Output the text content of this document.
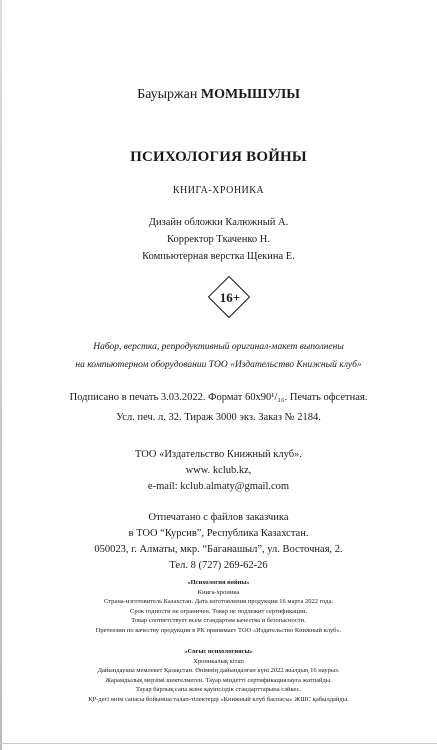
Бауыржан МОМЫШУЛЫ
ПСИХОЛОГИЯ ВОЙНЫ
КНИГА-ХРОНИКА
Дизайн обложки Калюжный А.
Корректор Ткаченко Н.
Компьютерная верстка Щекина Е.
16+
Набор, верстка, репродуктивный оригинал-макет выполнены
на компьютерном оборудовании ТОО «Издательство Книжный клуб»
Подписано в печать 3.03.2022. Формат 60x90¹/₁₆. Печать офсетная.
Усл. печ. л. 32. Тираж 3000 экз. Заказ № 2184.
ТОО «Издательство Книжный клуб».
www. kclub.kz,
e-mail: kclub.almaty@gmail.com
Отпечатано с файлов заказчика
в ТОО “Курсив”, Республика Казахстан.
050023, г. Алматы, мкр. “Баганашыл”, ул. Восточная, 2.
Тел. 8 (727) 269-62-26
«Психология войны»
Книга-хроника
Страна-изготовитель Казахстан. Дата изготовления продукции 16 марта 2022 года.
Срок годности не ограничен. Товар не подлежит сертификации.
Товар соответствует всем стандартам качества и безопасности.
Претензии по качеству продукции в РК принимает ТОО «Издательство Книжный клуб».
«Соғыс психологиясы»
Хроникалық кітап
Дайындаушы мемлекет Қазақстан. Өнімнің дайындалған күні 2022 жылдың 16 наурыз.
Жарамдылық мерзімі шектелмеген. Тауар міндетті сертификациялауға жатпайды.
Тауар барлық сапа және қауіпсіздік стандарттарына сәйкес.
ҚР-дегі өнім сапасы бойынша талап-тілектерді «Книжный клуб баспасы» ЖШС қабылдайды.
